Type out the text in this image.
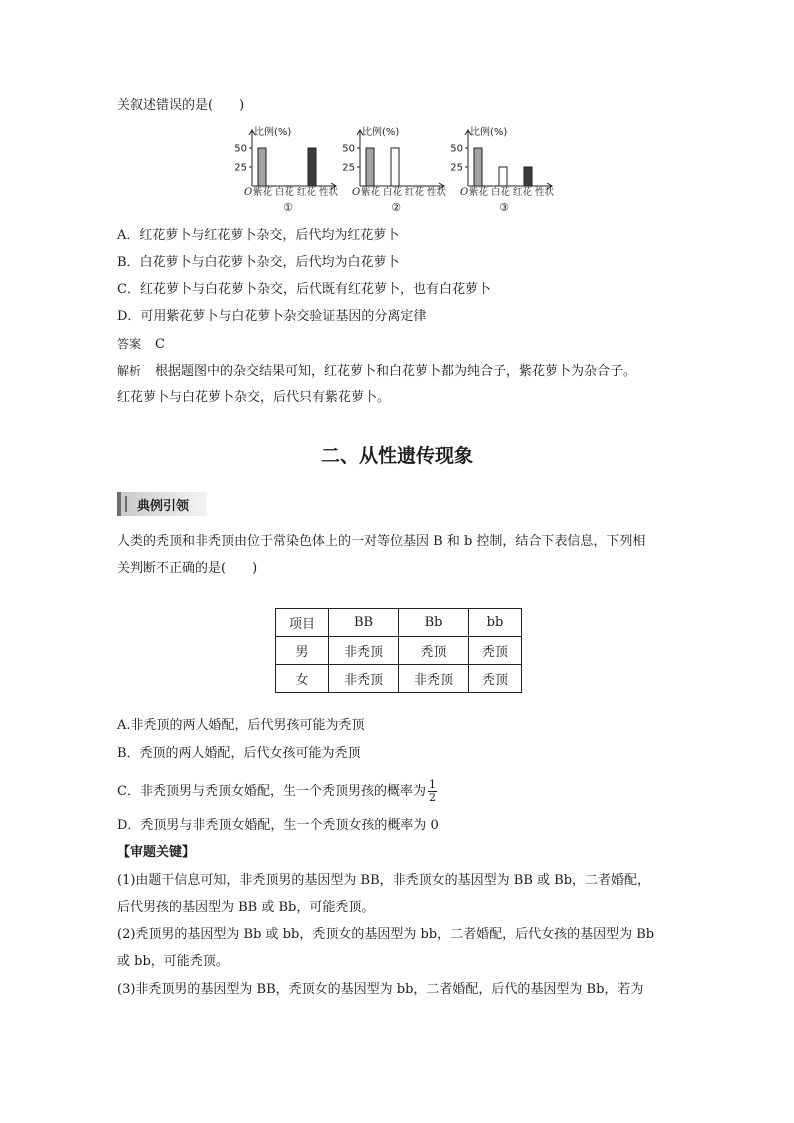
关叙述错误的是(　　)
比例(%)
50
25
O 紫花 白花 红花 性状
①
比例(%)
50
25
O 紫花 白花 红花 性状
②
比例(%)
50
25
O 紫花 白花 红花 性状
③
A．红花萝卜与红花萝卜杂交，后代均为红花萝卜
B．白花萝卜与白花萝卜杂交，后代均为白花萝卜
C．红花萝卜与白花萝卜杂交，后代既有红花萝卜，也有白花萝卜
D．可用紫花萝卜与白花萝卜杂交验证基因的分离定律
答案 C
解析 根据题图中的杂交结果可知，红花萝卜和白花萝卜都为纯合子，紫花萝卜为杂合子。
红花萝卜与白花萝卜杂交，后代只有紫花萝卜。
二、从性遗传现象
典例引领
人类的秃顶和非秃顶由位于常染色体上的一对等位基因 B 和 b 控制，结合下表信息，下列相
关判断不正确的是(　　)
项目	BB	Bb	bb
男	非秃顶	秃顶	秃顶
女	非秃顶	非秃顶	秃顶
A.非秃顶的两人婚配，后代男孩可能为秃顶
B．秃顶的两人婚配，后代女孩可能为秃顶
C．非秃顶男与秃顶女婚配，生一个秃顶男孩的概率为 $\frac{1}{2}$
D．秃顶男与非秃顶女婚配，生一个秃顶女孩的概率为 0
【审题关键】
(1)由题干信息可知，非秃顶男的基因型为 BB，非秃顶女的基因型为 BB 或 Bb，二者婚配，
后代男孩的基因型为 BB 或 Bb，可能秃顶。
(2)秃顶男的基因型为 Bb 或 bb，秃顶女的基因型为 bb，二者婚配，后代女孩的基因型为 Bb
或 bb，可能秃顶。
(3)非秃顶男的基因型为 BB，秃顶女的基因型为 bb，二者婚配，后代的基因型为 Bb，若为
